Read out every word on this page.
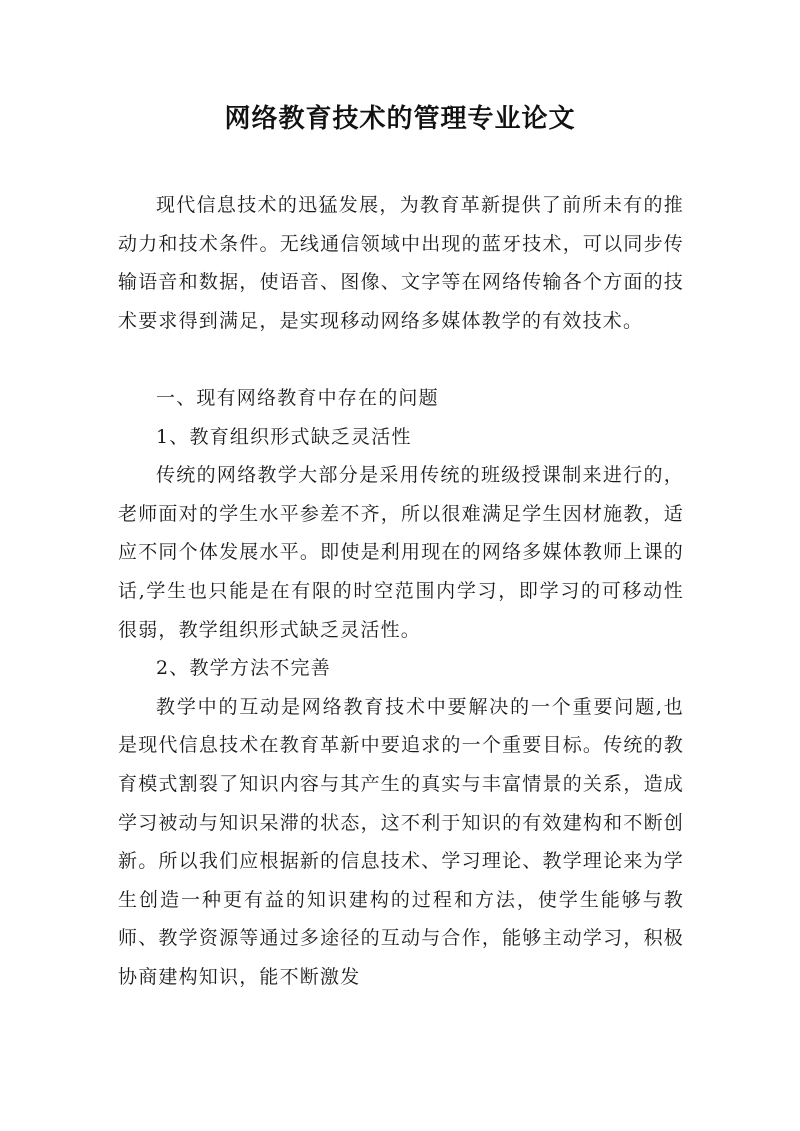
网络教育技术的管理专业论文

现代信息技术的迅猛发展，为教育革新提供了前所未有的推动力和技术条件。无线通信领域中出现的蓝牙技术，可以同步传输语音和数据，使语音、图像、文字等在网络传输各个方面的技术要求得到满足，是实现移动网络多媒体教学的有效技术。

一、现有网络教育中存在的问题

1、教育组织形式缺乏灵活性

传统的网络教学大部分是采用传统的班级授课制来进行的，老师面对的学生水平参差不齐，所以很难满足学生因材施教，适应不同个体发展水平。即使是利用现在的网络多媒体教师上课的话,学生也只能是在有限的时空范围内学习，即学习的可移动性很弱，教学组织形式缺乏灵活性。

2、教学方法不完善

教学中的互动是网络教育技术中要解决的一个重要问题,也是现代信息技术在教育革新中要追求的一个重要目标。传统的教育模式割裂了知识内容与其产生的真实与丰富情景的关系，造成学习被动与知识呆滞的状态，这不利于知识的有效建构和不断创新。所以我们应根据新的信息技术、学习理论、教学理论来为学生创造一种更有益的知识建构的过程和方法，使学生能够与教师、教学资源等通过多途径的互动与合作，能够主动学习，积极协商建构知识，能不断激发
